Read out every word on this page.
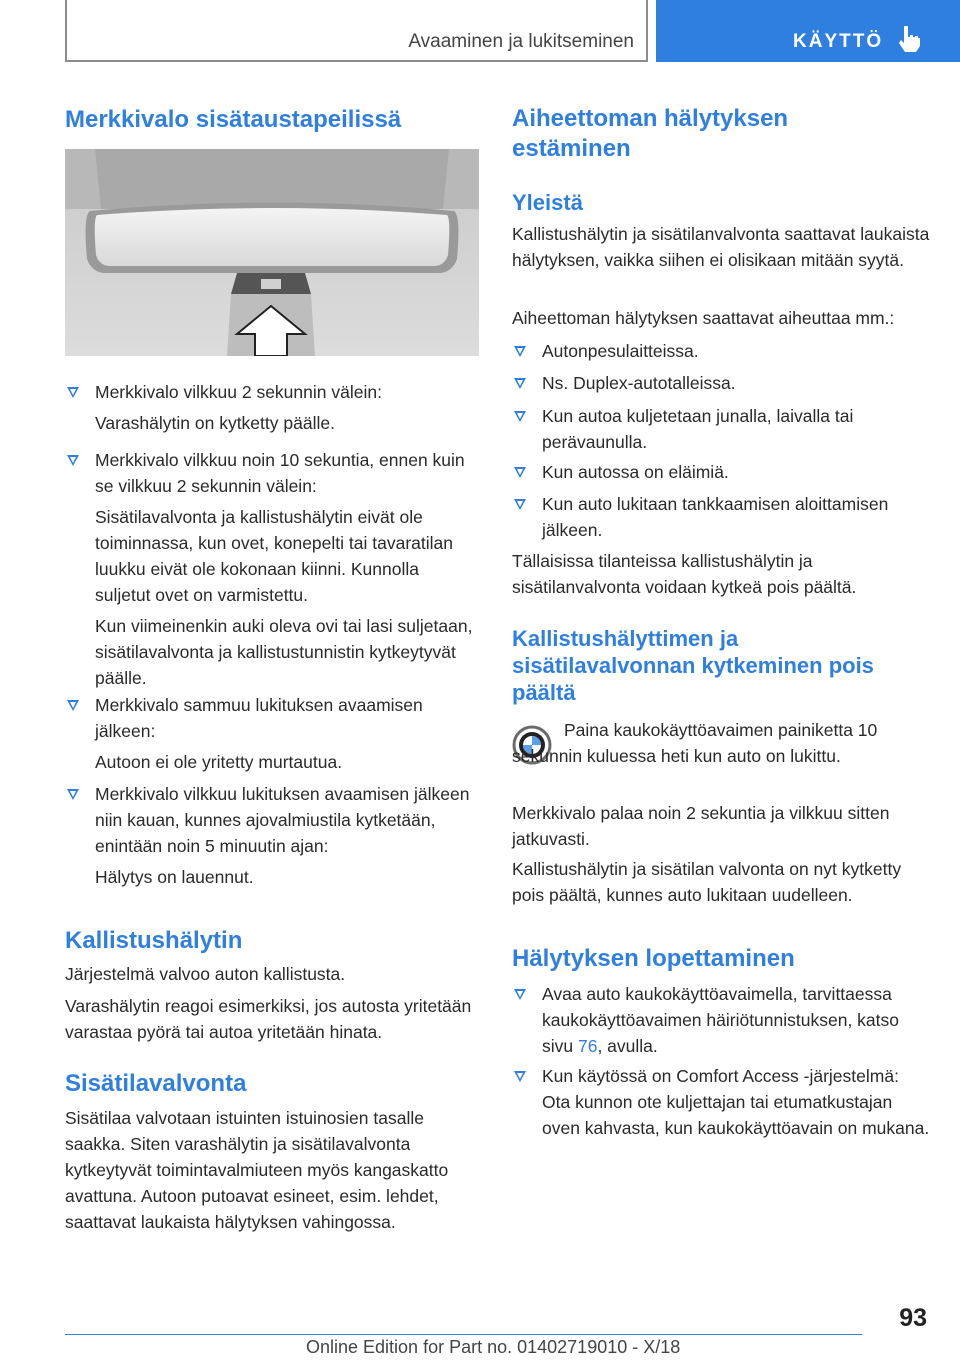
Avaaminen ja lukitseminen	KÄYTTÖ
Merkkivalo sisätaustapeilissä
Merkkivalo vilkkuu 2 sekunnin välein:
Varashälytin on kytketty päälle.
Merkkivalo vilkkuu noin 10 sekuntia, ennen kuin se vilkkuu 2 sekunnin välein:
Sisätilavalvonta ja kallistushälytin eivät ole toiminnassa, kun ovet, konepelti tai tavaratilan luukku eivät ole kokonaan kiinni. Kunnolla suljetut ovet on varmistettu.
Kun viimeinenkin auki oleva ovi tai lasi suljetaan, sisätilavalvonta ja kallistustunnistin kytkeytyvät päälle.
Merkkivalo sammuu lukituksen avaamisen jälkeen:
Autoon ei ole yritetty murtautua.
Merkkivalo vilkkuu lukituksen avaamisen jälkeen niin kauan, kunnes ajovalmiustila kytketään, enintään noin 5 minuutin ajan:
Hälytys on lauennut.
Kallistushälytin
Järjestelmä valvoo auton kallistusta.
Varashälytin reagoi esimerkiksi, jos autosta yritetään varastaa pyörä tai autoa yritetään hinata.
Sisätilavalvonta
Sisätilaa valvotaan istuinten istuinosien tasalle saakka. Siten varashälytin ja sisätilavalvonta kytkeytyvät toimintavalmiuteen myös kangaskatto avattuna. Autoon putoavat esineet, esim. lehdet, saattavat laukaista hälytyksen vahingossa.
Aiheettoman hälytyksen estäminen
Yleistä
Kallistushälytin ja sisätilanvalvonta saattavat laukaista hälytyksen, vaikka siihen ei olisikaan mitään syytä.
Aiheettoman hälytyksen saattavat aiheuttaa mm.:
Autonpesulaitteissa.
Ns. Duplex-autotalleissa.
Kun autoa kuljetetaan junalla, laivalla tai perävaunulla.
Kun autossa on eläimiä.
Kun auto lukitaan tankkaamisen aloittamisen jälkeen.
Tällaisissa tilanteissa kallistushälytin ja sisätilanvalvonta voidaan kytkeä pois päältä.
Kallistushälyttimen ja sisätilavalvonnan kytkeminen pois päältä
Paina kaukokäyttöavaimen painiketta 10 sekunnin kuluessa heti kun auto on lukittu.
Merkkivalo palaa noin 2 sekuntia ja vilkkuu sitten jatkuvasti.
Kallistushälytin ja sisätilan valvonta on nyt kytketty pois päältä, kunnes auto lukitaan uudelleen.
Hälytyksen lopettaminen
Avaa auto kaukokäyttöavaimella, tarvittaessa kaukokäyttöavaimen häiriötunnistuksen, katso sivu 76, avulla.
Kun käytössä on Comfort Access -järjestelmä: Ota kunnon ote kuljettajan tai etumatkustajan oven kahvasta, kun kaukokäyttöavain on mukana.
93
Online Edition for Part no. 01402719010 - X/18
